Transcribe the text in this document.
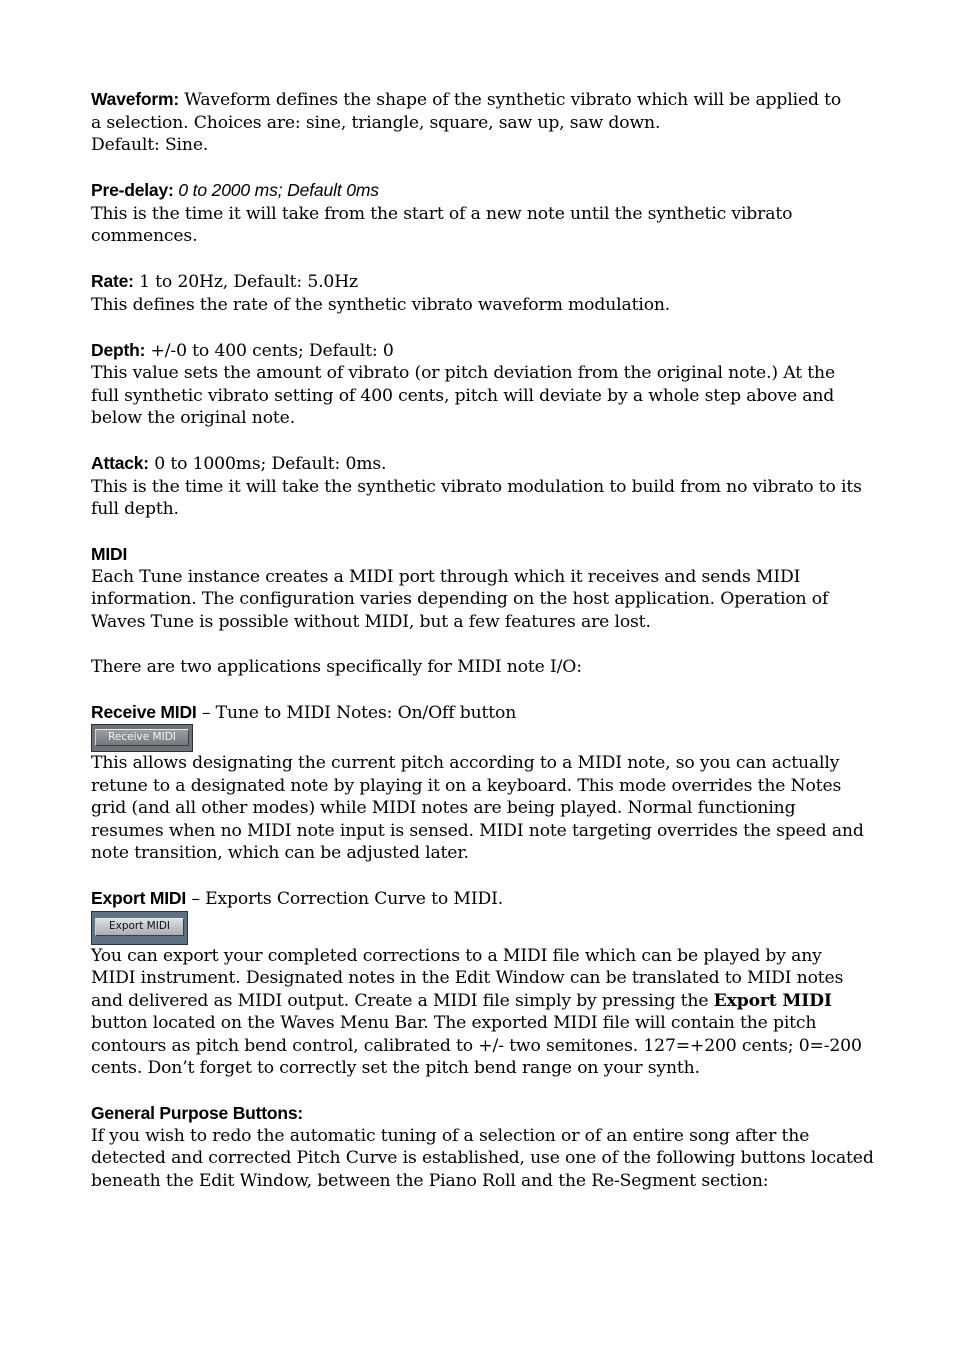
Waveform: Waveform defines the shape of the synthetic vibrato which will be applied to
a selection. Choices are: sine, triangle, square, saw up, saw down.
Default: Sine.
Pre-delay: 0 to 2000 ms; Default 0ms
This is the time it will take from the start of a new note until the synthetic vibrato
commences.
Rate: 1 to 20Hz, Default: 5.0Hz
This defines the rate of the synthetic vibrato waveform modulation.
Depth: +/-0 to 400 cents; Default: 0
This value sets the amount of vibrato (or pitch deviation from the original note.) At the
full synthetic vibrato setting of 400 cents, pitch will deviate by a whole step above and
below the original note.
Attack: 0 to 1000ms; Default: 0ms.
This is the time it will take the synthetic vibrato modulation to build from no vibrato to its
full depth.
MIDI
Each Tune instance creates a MIDI port through which it receives and sends MIDI
information. The configuration varies depending on the host application. Operation of
Waves Tune is possible without MIDI, but a few features are lost.
There are two applications specifically for MIDI note I/O:
Receive MIDI – Tune to MIDI Notes: On/Off button
Receive MIDI
This allows designating the current pitch according to a MIDI note, so you can actually
retune to a designated note by playing it on a keyboard. This mode overrides the Notes
grid (and all other modes) while MIDI notes are being played. Normal functioning
resumes when no MIDI note input is sensed. MIDI note targeting overrides the speed and
note transition, which can be adjusted later.
Export MIDI – Exports Correction Curve to MIDI.
Export MIDI
You can export your completed corrections to a MIDI file which can be played by any
MIDI instrument. Designated notes in the Edit Window can be translated to MIDI notes
and delivered as MIDI output. Create a MIDI file simply by pressing the Export MIDI
button located on the Waves Menu Bar. The exported MIDI file will contain the pitch
contours as pitch bend control, calibrated to +/- two semitones. 127=+200 cents; 0=-200
cents. Don’t forget to correctly set the pitch bend range on your synth.
General Purpose Buttons:
If you wish to redo the automatic tuning of a selection or of an entire song after the
detected and corrected Pitch Curve is established, use one of the following buttons located
beneath the Edit Window, between the Piano Roll and the Re-Segment section:
